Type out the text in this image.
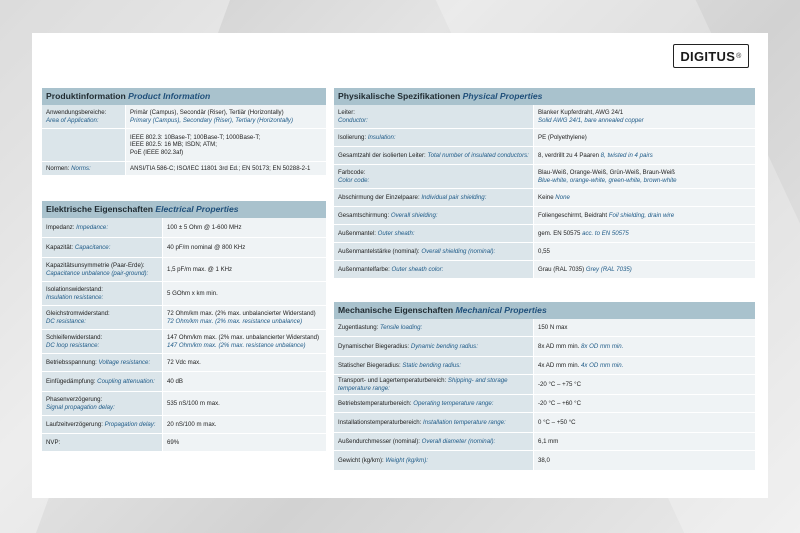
DIGITUS ®
Produktinformation Product Information
Anwendungsbereiche:
Area of Application:	Primär (Campus), Secondär (Riser), Tertiär (Horizontally)
Primary (Campus), Secondary (Riser), Tertiary (Horizontally)

	IEEE 802.3: 10Base-T; 100Base-T; 1000Base-T;
IEEE 802.5: 16 MB; ISDN; ATM;
PoE (IEEE 802.3af)

Normen: Norms:	ANSI/TIA 586-C; ISO/IEC 11801 3rd Ed.; EN 50173; EN 50288-2-1
Elektrische Eigenschaften Electrical Properties
Impedanz: Impedance:	100 ± 5 Ohm @ 1-600 MHz
Kapazität: Capacitance:	40 pF/m nominal @ 800 KHz

Kapazitätsunsymmetrie (Paar-Erde):
Capacitance unbalance (pair-ground):	1,5 pF/m max. @ 1 KHz

Isolationswiderstand:
Insulation resistance:	5 GOhm x km min.

Gleichstromwiderstand:
DC resistance:	72 Ohm/km max. (2% max. unbalancierter Widerstand)
72 Ohm/km max. (2% max. resistance unbalance)

Schleifenwiderstand:
DC loop resistance:	147 Ohm/km max. (2% max. unbalancierter Widerstand)
147 Ohm/km max. (2% max. resistance unbalance)

Betriebsspannung: Voltage resistance:	72 Vdc max.
Einfügedämpfung: Coupling attenuation:	40 dB

Phasenverzögerung:
Signal propagation delay:	535 nS/100 m max.
Laufzeitverzögerung: Propagation delay:	20 nS/100 m max.
NVP:	69%
Physikalische Spezifikationen Physical Properties
Leiter:
Conductor:	Blanker Kupferdraht, AWG 24/1
Solid AWG 24/1, bare annealed copper

Isolierung: Insulation:	PE (Polyethylene)
Gesamtzahl der isolierten Leiter: Total number of insulated conductors:	8, verdrillt zu 4 Paaren 8, twisted in 4 pairs

Farbcode:
Color code:	Blau-Weiß, Orange-Weiß, Grün-Weiß, Braun-Weiß
Blue-white, orange-white, green-white, brown-white

Abschirmung der Einzelpaare: Individual pair shielding:	Keine None
Gesamtschirmung: Overall shielding:	Foliengeschirmt, Beidraht Foil shielding, drain wire
Außenmantel: Outer sheath:	gem. EN 50575 acc. to EN 50575
Außenmantelstärke (nominal): Overall shielding (nominal):	0,55
Außenmantelfarbe: Outer sheath color:	Grau (RAL 7035) Grey (RAL 7035)
Mechanische Eigenschaften Mechanical Properties
Zugentlastung: Tensile loading:	150 N max
Dynamischer Biegeradius: Dynamic bending radius:	8x AD mm min. 8x OD mm min.
Statischer Biegeradius: Static bending radius:	4x AD mm min. 4x OD mm min.
Transport- und Lagertemperaturbereich: Shipping- and storage temperature range:	-20 °C – +75 °C
Betriebstemperaturbereich: Operating temperature range:	-20 °C – +60 °C
Installationstemperaturbereich: Installation temperature range:	0 °C – +50 °C
Außendurchmesser (nominal): Overall diameter (nominal):	6,1 mm
Gewicht (kg/km): Weight (kg/km):	38,0
